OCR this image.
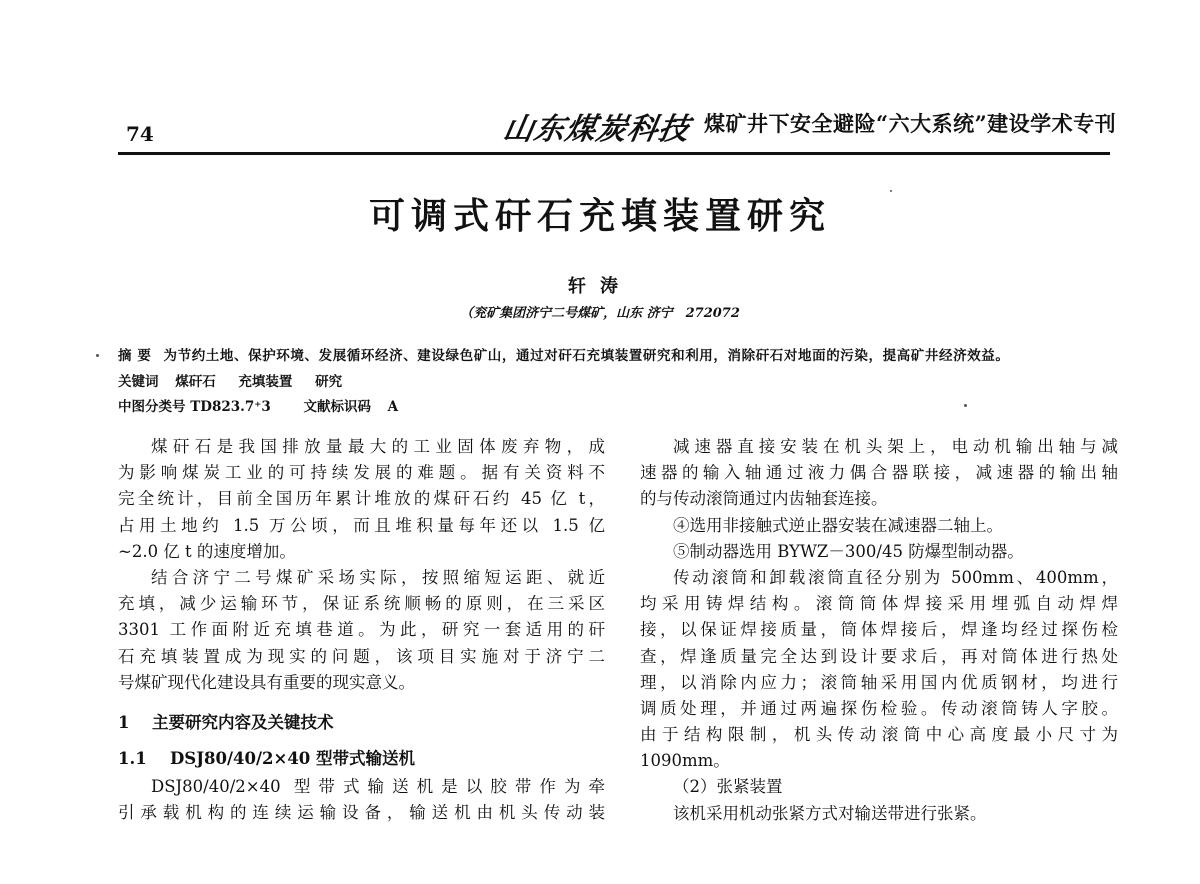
74	山东煤炭科技 煤矿井下安全避险“六大系统”建设学术专刊
可调式矸石充填装置研究
轩涛
（兖矿集团济宁二号煤矿，山东 济宁　272072
摘 要 为节约土地、保护环境、发展循环经济、建设绿色矿山，通过对矸石充填装置研究和利用，消除矸石对地面的污染，提高矿井经济效益。
关键词 煤矸石 充填装置 研究
中图分类号 TD823.7⁺3 文献标识码 A
煤矸石是我国排放量最大的工业固体废弃物，成
为影响煤炭工业的可持续发展的难题。据有关资料不
完全统计，目前全国历年累计堆放的煤矸石约 45 亿 t，
占用土地约 1.5 万公顷，而且堆积量每年还以 1.5 亿
~2.0 亿 t 的速度增加。
结合济宁二号煤矿采场实际，按照缩短运距、就近
充填，减少运输环节，保证系统顺畅的原则，在三采区
3301 工作面附近充填巷道。为此，研究一套适用的矸
石充填装置成为现实的问题，该项目实施对于济宁二
号煤矿现代化建设具有重要的现实意义。
1 主要研究内容及关键技术
1.1 DSJ80/40/2×40 型带式输送机
DSJ80/40/2×40 型带式输送机是以胶带作为牵
引承载机构的连续运输设备，输送机由机头传动装
减速器直接安装在机头架上，电动机输出轴与减
速器的输入轴通过液力偶合器联接，减速器的输出轴
的与传动滚筒通过内齿轴套连接。
④选用非接触式逆止器安装在减速器二轴上。
⑤制动器选用 BYWZ－300/45 防爆型制动器。
传动滚筒和卸载滚筒直径分别为 500mm、400mm，
均采用铸焊结构。滚筒筒体焊接采用埋弧自动焊焊
接，以保证焊接质量，筒体焊接后，焊逢均经过探伤检
查，焊逢质量完全达到设计要求后，再对筒体进行热处
理，以消除内应力；滚筒轴采用国内优质钢材，均进行
调质处理，并通过两遍探伤检验。传动滚筒铸人字胶。
由于结构限制，机头传动滚筒中心高度最小尺寸为
1090mm。
（2）张紧装置
该机采用机动张紧方式对输送带进行张紧。
